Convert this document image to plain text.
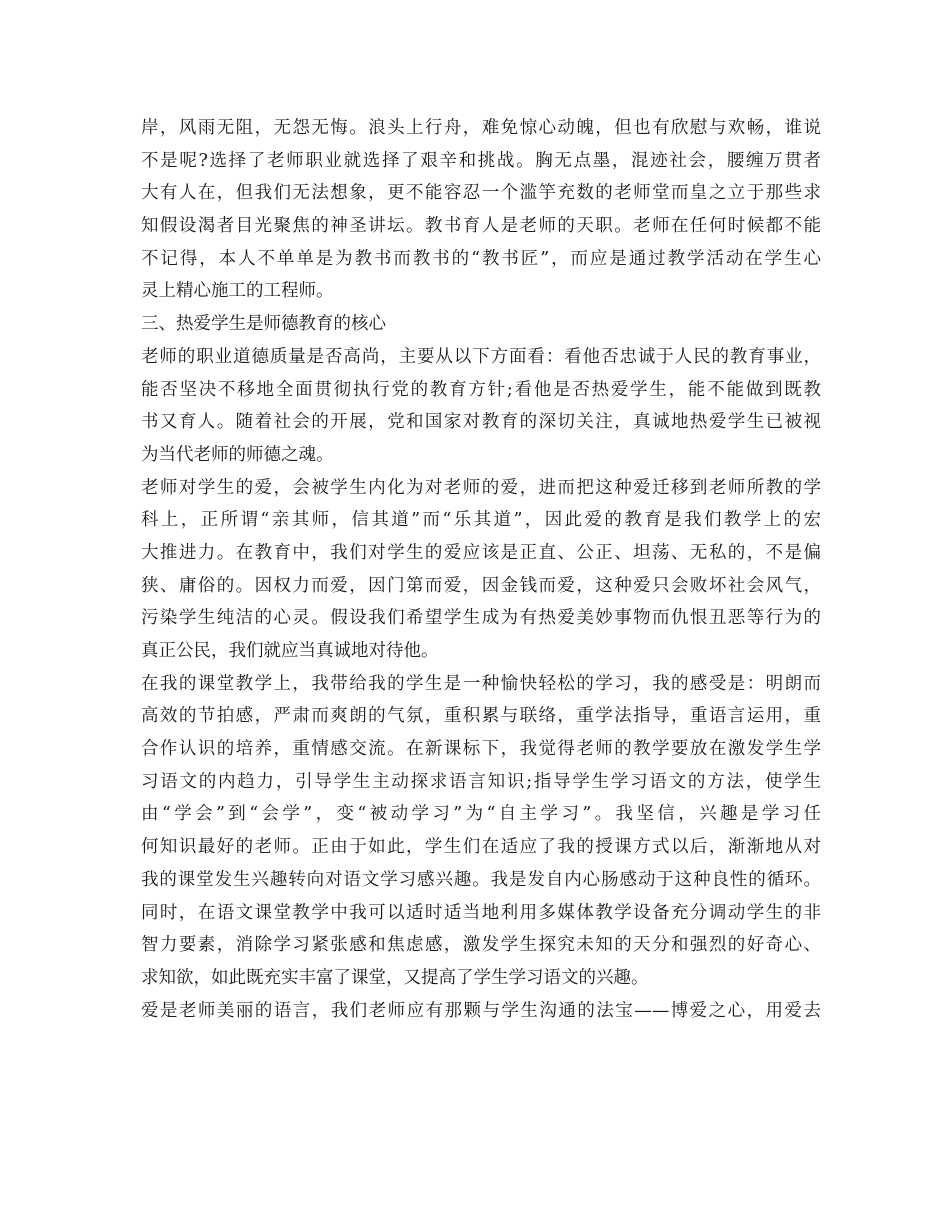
岸，风雨无阻，无怨无悔。浪头上行舟，难免惊心动魄，但也有欣慰与欢畅，谁说
不是呢?选择了老师职业就选择了艰辛和挑战。胸无点墨，混迹社会，腰缠万贯者
大有人在，但我们无法想象，更不能容忍一个滥竽充数的老师堂而皇之立于那些求
知假设渴者目光聚焦的神圣讲坛。教书育人是老师的天职。老师在任何时候都不能
不记得，本人不单单是为教书而教书的“教书匠”，而应是通过教学活动在学生心
灵上精心施工的工程师。
三、热爱学生是师德教育的核心
老师的职业道德质量是否高尚，主要从以下方面看：看他否忠诚于人民的教育事业，
能否坚决不移地全面贯彻执行党的教育方针;看他是否热爱学生，能不能做到既教
书又育人。随着社会的开展，党和国家对教育的深切关注，真诚地热爱学生已被视
为当代老师的师德之魂。
老师对学生的爱，会被学生内化为对老师的爱，进而把这种爱迁移到老师所教的学
科上，正所谓“亲其师，信其道”而“乐其道”，因此爱的教育是我们教学上的宏
大推进力。在教育中，我们对学生的爱应该是正直、公正、坦荡、无私的，不是偏
狭、庸俗的。因权力而爱，因门第而爱，因金钱而爱，这种爱只会败坏社会风气，
污染学生纯洁的心灵。假设我们希望学生成为有热爱美妙事物而仇恨丑恶等行为的
真正公民，我们就应当真诚地对待他。
在我的课堂教学上，我带给我的学生是一种愉快轻松的学习，我的感受是：明朗而
高效的节拍感，严肃而爽朗的气氛，重积累与联络，重学法指导，重语言运用，重
合作认识的培养，重情感交流。在新课标下，我觉得老师的教学要放在激发学生学
习语文的内趋力，引导学生主动探求语言知识;指导学生学习语文的方法，使学生
由“学会”到“会学”，变“被动学习”为“自主学习”。我坚信，兴趣是学习任
何知识最好的老师。正由于如此，学生们在适应了我的授课方式以后，渐渐地从对
我的课堂发生兴趣转向对语文学习感兴趣。我是发自内心肠感动于这种良性的循环。
同时，在语文课堂教学中我可以适时适当地利用多媒体教学设备充分调动学生的非
智力要素，消除学习紧张感和焦虑感，激发学生探究未知的天分和强烈的好奇心、
求知欲，如此既充实丰富了课堂，又提高了学生学习语文的兴趣。
爱是老师美丽的语言，我们老师应有那颗与学生沟通的法宝——博爱之心，用爱去
